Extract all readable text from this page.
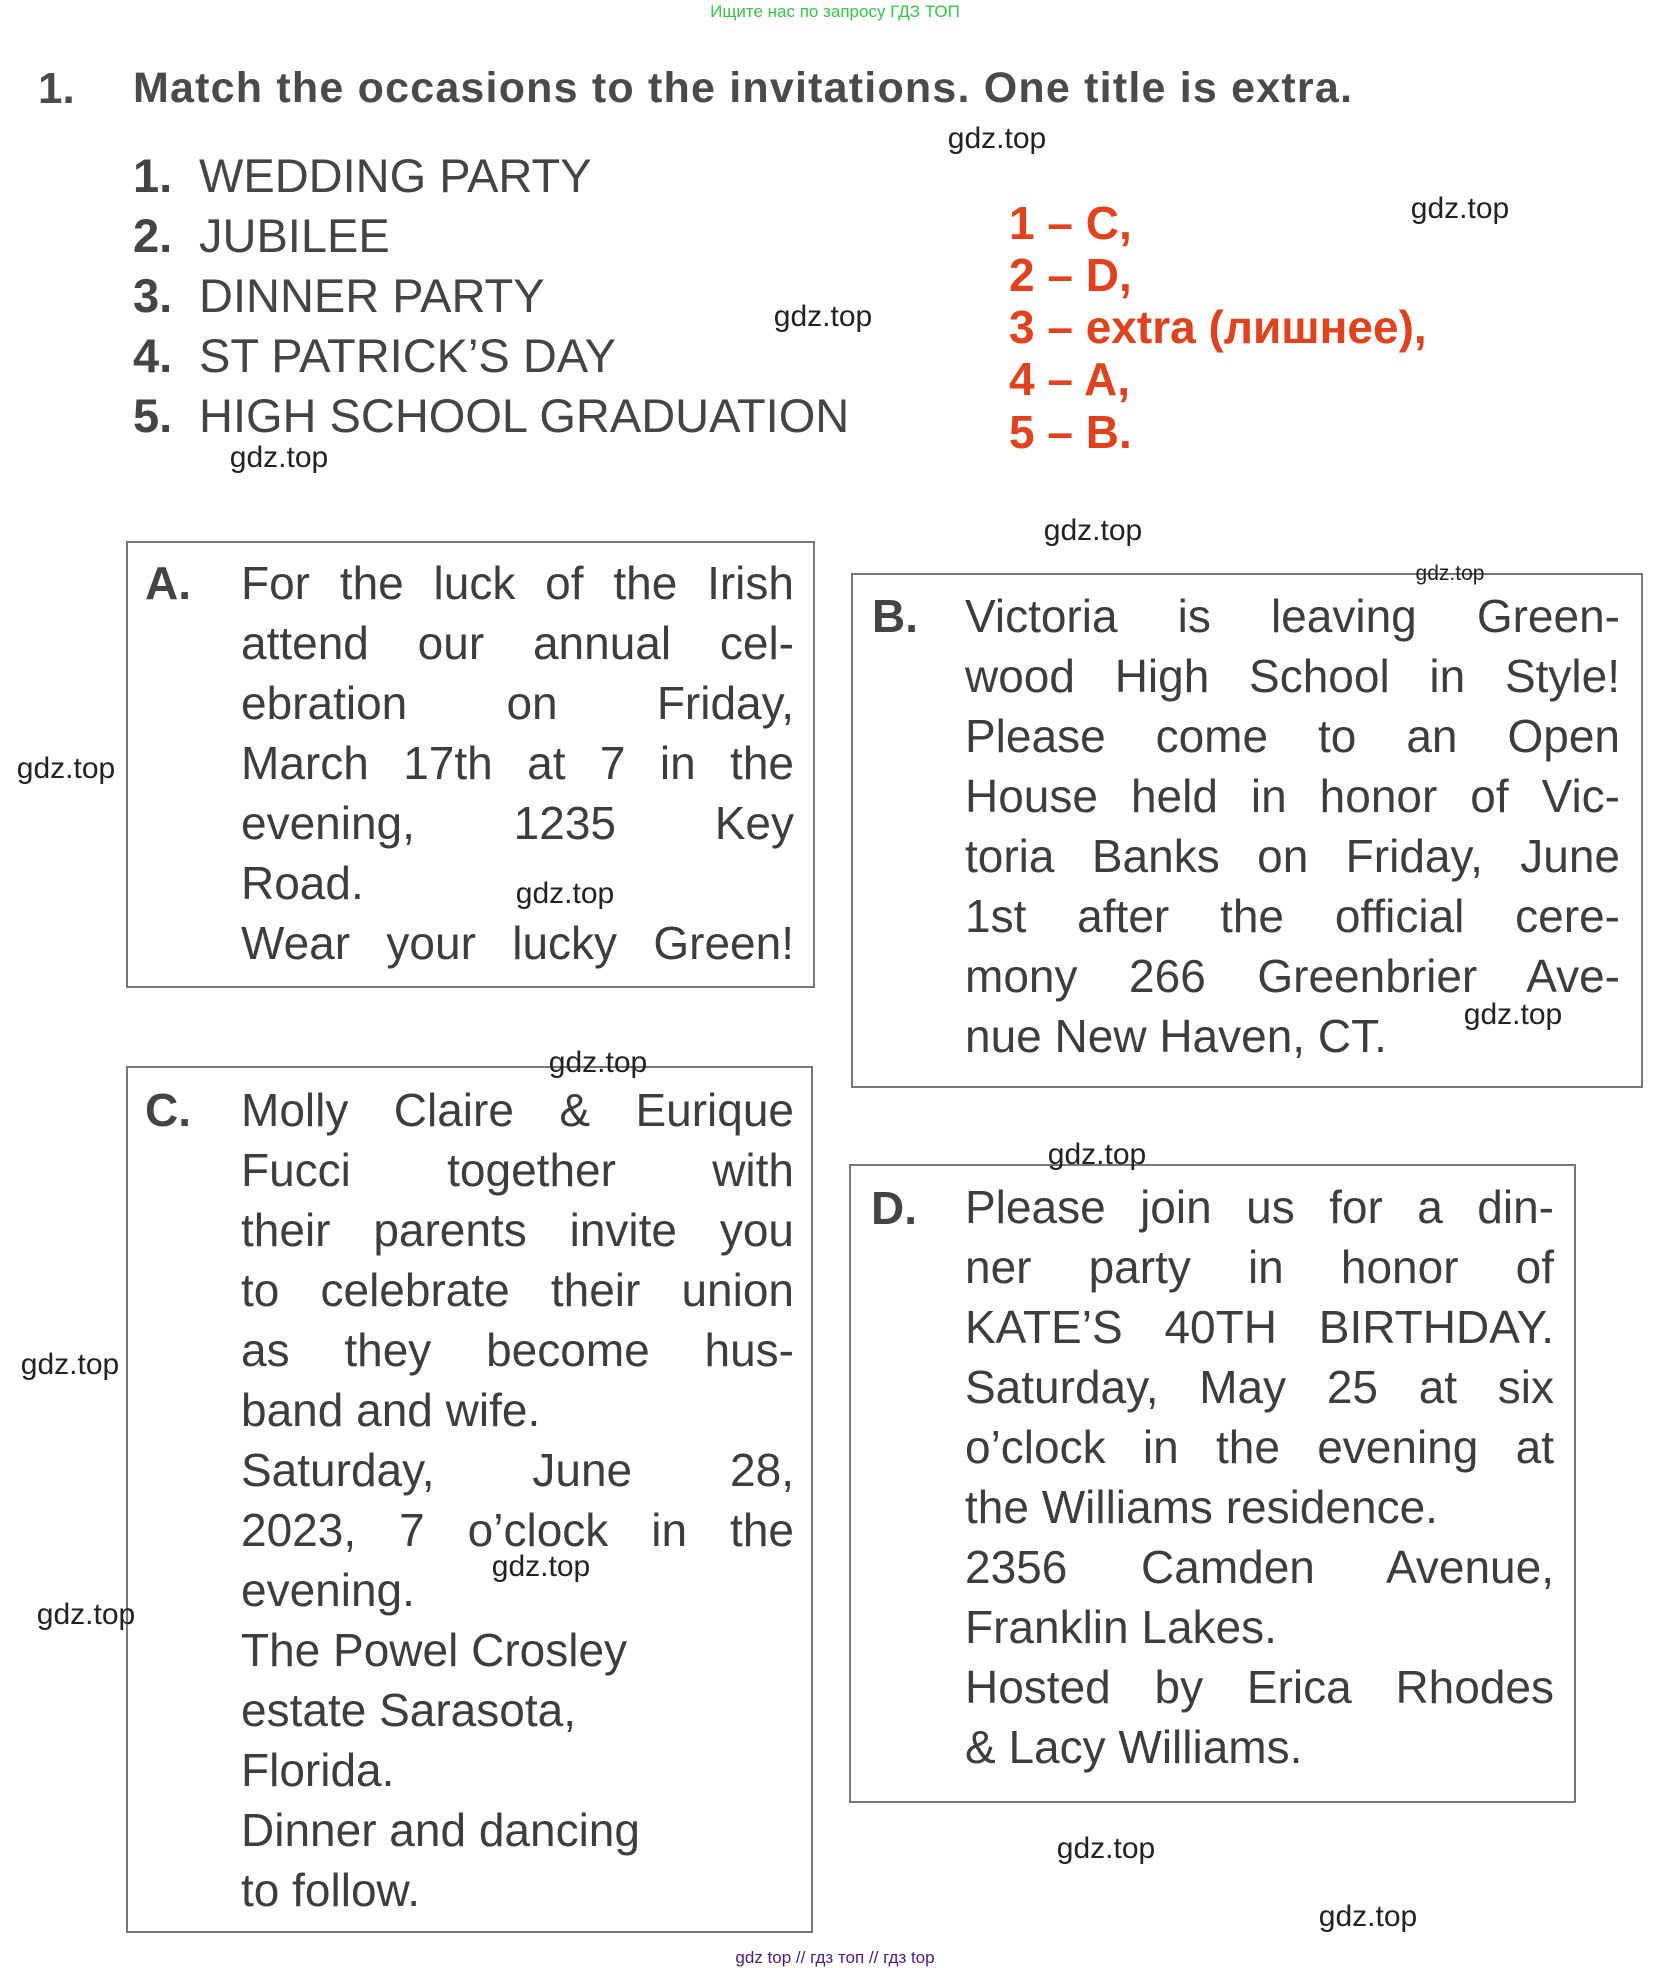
Ищите нас по запросу ГДЗ ТОП
1. Match the occasions to the invitations. One title is extra.
1. WEDDING PARTY
2. JUBILEE
3. DINNER PARTY
4. ST PATRICK’S DAY
5. HIGH SCHOOL GRADUATION
1 – C,
2 – D,
3 – extra (лишнее),
4 – A,
5 – B.
A. For the luck of the Irish
attend our annual cel-
ebration on Friday,
March 17th at 7 in the
evening, 1235 Key
Road.
Wear your lucky Green!
B. Victoria is leaving Green-
wood High School in Style!
Please come to an Open
House held in honor of Vic-
toria Banks on Friday, June
1st after the official cere-
mony 266 Greenbrier Ave-
nue New Haven, CT.
C. Molly Claire & Eurique
Fucci together with
their parents invite you
to celebrate their union
as they become hus-
band and wife.
Saturday, June 28,
2023, 7 o’clock in the
evening.
The Powel Crosley
estate Sarasota,
Florida.
Dinner and dancing
to follow.
D. Please join us for a din-
ner party in honor of
KATE’S 40TH BIRTHDAY.
Saturday, May 25 at six
o’clock in the evening at
the Williams residence.
2356 Camden Avenue,
Franklin Lakes.
Hosted by Erica Rhodes
& Lacy Williams.
gdz.top
gdz.top
gdz.top
gdz.top
gdz.top
gdz.top
gdz.top
gdz.top
gdz.top
gdz.top
gdz.top
gdz.top
gdz.top
gdz.top
gdz.top
gdz.top
gdz top // гдз топ // гдз top
